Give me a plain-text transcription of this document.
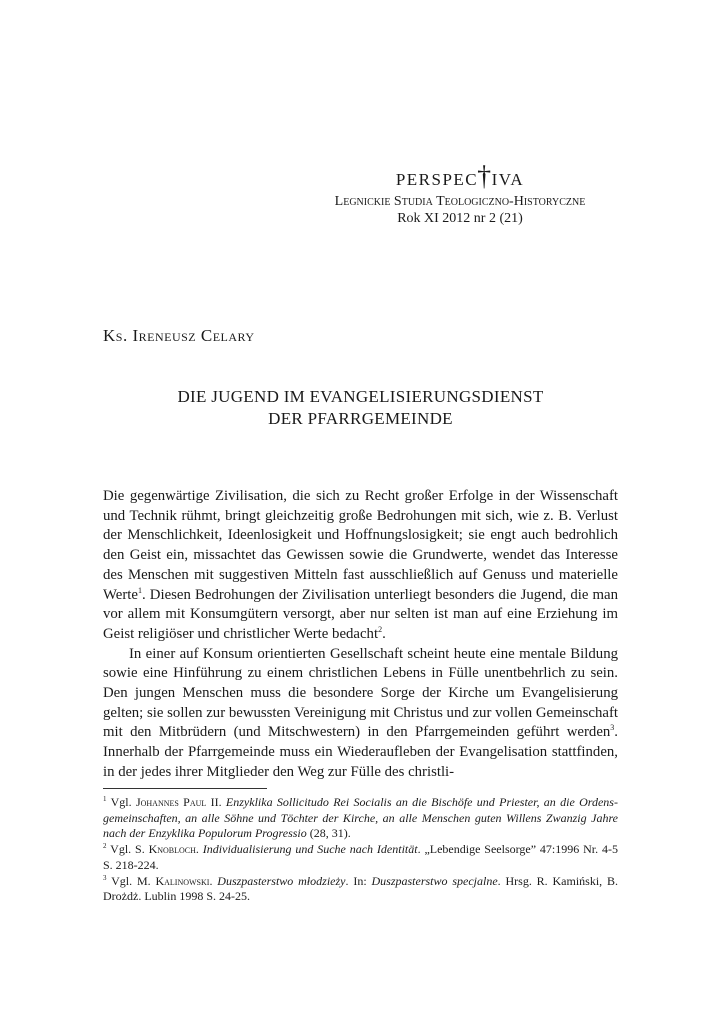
perspec † iva
Legnickie Studia Teologiczno-Historyczne
Rok XI 2012 nr 2 (21)
Ks. Ireneusz Celary
DIE JUGEND IM EVANGELISIERUNGSDIENST
DER PFARRGEMEINDE

Die gegenwärtige Zivilisation, die sich zu Recht großer Erfolge in der Wissenschaft und Technik rühmt, bringt gleichzeitig große Bedrohungen mit sich, wie z. B. Verlust der Menschlichkeit, Ideenlosigkeit und Hoffnungslosigkeit; sie engt auch bedrohlich den Geist ein, missachtet das Gewissen sowie die Grundwerte, wendet das Interesse des Menschen mit suggestiven Mitteln fast ausschließlich auf Genuss und materielle Werte$^1$. Diesen Bedrohungen der Zivilisation unterliegt besonders die Jugend, die man vor allem mit Konsumgütern versorgt, aber nur selten ist man auf eine Erziehung im Geist religiöser und christlicher Werte bedacht$^2$.

In einer auf Konsum orientierten Gesellschaft scheint heute eine mentale Bildung sowie eine Hinführung zu einem christlichen Lebens in Fülle unentbehrlich zu sein. Den jungen Menschen muss die besondere Sorge der Kirche um Evangelisierung gelten; sie sollen zur bewussten Vereinigung mit Christus und zur vollen Gemeinschaft mit den Mitbrüdern (und Mitschwestern) in den Pfarrgemeinden geführt werden$^3$. Innerhalb der Pfarrgemeinde muss ein Wiederaufleben der Evangelisation stattfinden, in der jedes ihrer Mitglieder den Weg zur Fülle des christli-

$^1$ Vgl. Johannes Paul II. Enzyklika Sollicitudo Rei Socialis an die Bischöfe und Priester, an die Ordensgemeinschaften, an alle Söhne und Töchter der Kirche, an alle Menschen guten Willens Zwanzig Jahre nach der Enzyklika Populorum Progressio (28, 31).

$^2$ Vgl. S. Knobloch. Individualisierung und Suche nach Identität. „Lebendige Seelsorge” 47:1996 Nr. 4-5 S. 218-224.

$^3$ Vgl. M. Kalinowski. Duszpasterstwo młodzieży. In: Duszpasterstwo specjalne. Hrsg. R. Kamiński, B. Drożdż. Lublin 1998 S. 24-25.
